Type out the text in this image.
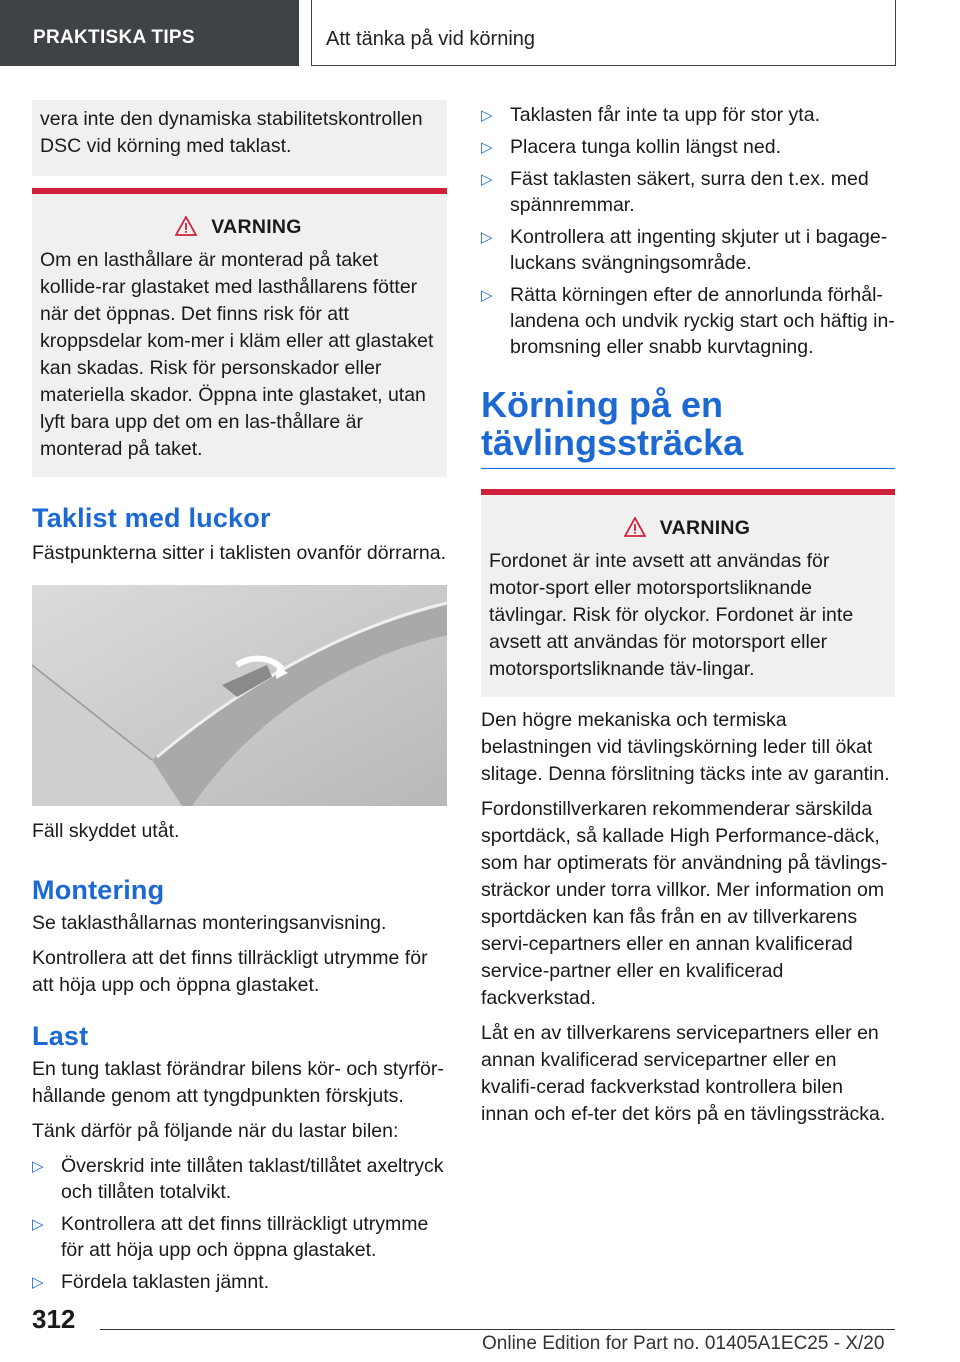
PRAKTISKA TIPS	Att tänka på vid körning
vera inte den dynamiska stabilitetskontrollen DSC vid körning med taklast.
VARNING

Om en lasthållare är monterad på taket kollide-rar glastaket med lasthållarens fötter när det öppnas. Det finns risk för att kroppsdelar kom-mer i kläm eller att glastaket kan skadas. Risk för personskador eller materiella skador. Öppna inte glastaket, utan lyft bara upp det om en las-thållare är monterad på taket.

Taklist med luckor

Fästpunkterna sitter i taklisten ovanför dörrarna.

Fäll skyddet utåt.

Montering

Se taklasthållarnas monteringsanvisning.

Kontrollera att det finns tillräckligt utrymme för att höja upp och öppna glastaket.

Last

En tung taklast förändrar bilens kör- och styrför-hållande genom att tyngdpunkten förskjuts.

Tänk därför på följande när du lastar bilen:

▷ Överskrid inte tillåten taklast/tillåtet axeltryck och tillåten totalvikt.
▷ Kontrollera att det finns tillräckligt utrymme för att höja upp och öppna glastaket.
▷ Fördela taklasten jämnt.
▷ Taklasten får inte ta upp för stor yta.
▷ Placera tunga kollin längst ned.
▷ Fäst taklasten säkert, surra den t.ex. med spännremmar.
▷ Kontrollera att ingenting skjuter ut i bagage-luckans svängningsområde.
▷ Rätta körningen efter de annorlunda förhål-landena och undvik ryckig start och häftig in-bromsning eller snabb kurvtagning.
Körning på en tävlingssträcka
VARNING

Fordonet är inte avsett att användas för motor-sport eller motorsportsliknande tävlingar. Risk för olyckor. Fordonet är inte avsett att användas för motorsport eller motorsportsliknande täv-lingar.

Den högre mekaniska och termiska belastningen vid tävlingskörning leder till ökat slitage. Denna förslitning täcks inte av garantin.

Fordonstillverkaren rekommenderar särskilda sportdäck, så kallade High Performance-däck, som har optimerats för användning på tävlings-sträckor under torra villkor. Mer information om sportdäcken kan fås från en av tillverkarens servi-cepartners eller en annan kvalificerad service-partner eller en kvalificerad fackverkstad.

Låt en av tillverkarens servicepartners eller en annan kvalificerad servicepartner eller en kvalifi-cerad fackverkstad kontrollera bilen innan och ef-ter det körs på en tävlingssträcka.

312
Online Edition for Part no. 01405A1EC25 - X/20
